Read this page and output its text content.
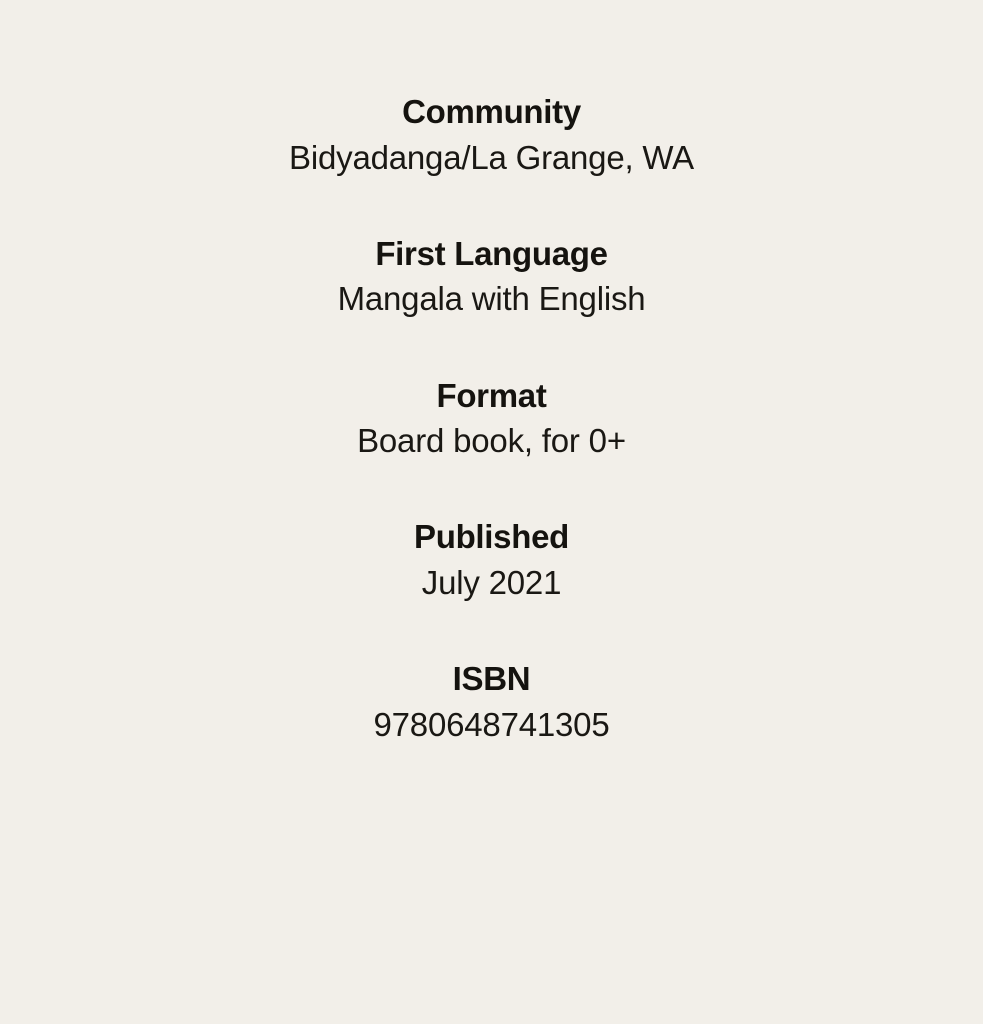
Community
Bidyadanga/La Grange, WA
First Language
Mangala with English
Format
Board book, for 0+
Published
July 2021
ISBN
9780648741305
